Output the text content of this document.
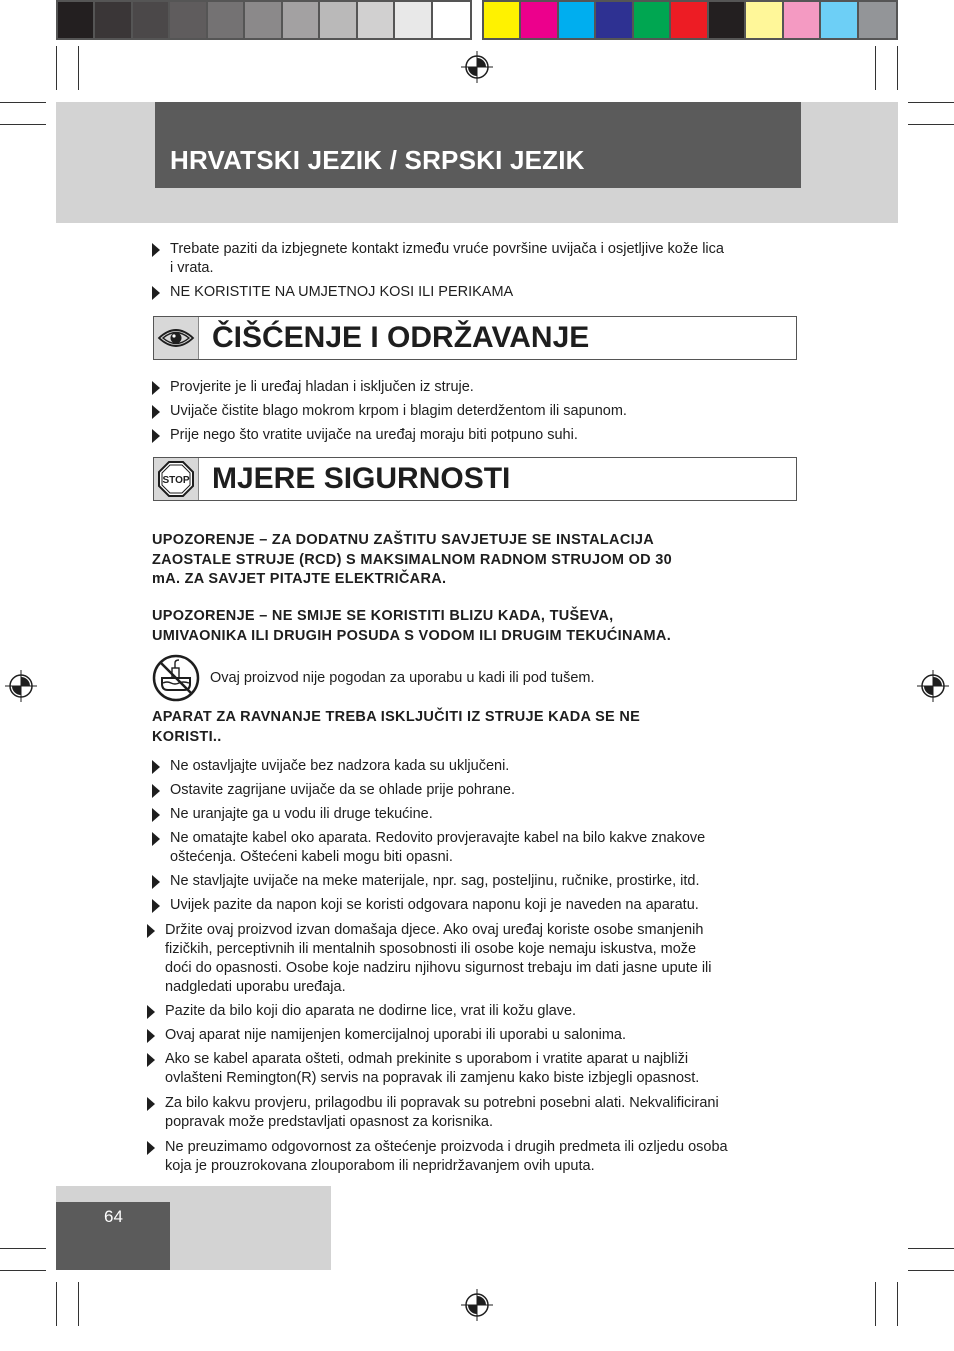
HRVATSKI JEZIK / SRPSKI JEZIK
Trebate paziti da izbjegnete kontakt između vruće površine uvijača i osjetljive kože lica
i vrata.
NE KORISTITE NA UMJETNOJ KOSI ILI PERIKAMA
ČIŠĆENJE I ODRŽAVANJE
Provjerite je li uređaj hladan i isključen iz struje.
Uvijače čistite blago mokrom krpom i blagim deterdžentom ili sapunom.
Prije nego što vratite uvijače na uređaj moraju biti potpuno suhi.
STOP MJERE SIGURNOSTI
UPOZORENJE – ZA DODATNU ZAŠTITU SAVJETUJE SE INSTALACIJA
ZAOSTALE STRUJE (RCD) S MAKSIMALNOM RADNOM STRUJOM OD 30
mA. ZA SAVJET PITAJTE ELEKTRIČARA.
UPOZORENJE – NE SMIJE SE KORISTITI BLIZU KADA, TUŠEVA,
UMIVAONIKA ILI DRUGIH POSUDA S VODOM ILI DRUGIM TEKUĆINAMA.
Ovaj proizvod nije pogodan za uporabu u kadi ili pod tušem.
APARAT ZA RAVNANJE TREBA ISKLJUČITI IZ STRUJE KADA SE NE
KORISTI..
Ne ostavljajte uvijače bez nadzora kada su uključeni.
Ostavite zagrijane uvijače da se ohlade prije pohrane.
Ne uranjajte ga u vodu ili druge tekućine.
Ne omatajte kabel oko aparata. Redovito provjeravajte kabel na bilo kakve znakove
oštećenja. Oštećeni kabeli mogu biti opasni.
Ne stavljajte uvijače na meke materijale, npr. sag, posteljinu, ručnike, prostirke, itd.
Uvijek pazite da napon koji se koristi odgovara naponu koji je naveden na aparatu.
Držite ovaj proizvod izvan domašaja djece. Ako ovaj uređaj koriste osobe smanjenih
fizičkih, perceptivnih ili mentalnih sposobnosti ili osobe koje nemaju iskustva, može
doći do opasnosti. Osobe koje nadziru njihovu sigurnost trebaju im dati jasne upute ili
nadgledati uporabu uređaja.
Pazite da bilo koji dio aparata ne dodirne lice, vrat ili kožu glave.
Ovaj aparat nije namijenjen komercijalnoj uporabi ili uporabi u salonima.
Ako se kabel aparata ošteti, odmah prekinite s uporabom i vratite aparat u najbliži
ovlašteni Remington(R) servis na popravak ili zamjenu kako biste izbjegli opasnost.
Za bilo kakvu provjeru, prilagodbu ili popravak su potrebni posebni alati. Nekvalificirani
popravak može predstavljati opasnost za korisnika.
Ne preuzimamo odgovornost za oštećenje proizvoda i drugih predmeta ili ozljedu osoba
koja je prouzrokovana zlouporabom ili nepridržavanjem ovih uputa.
64
